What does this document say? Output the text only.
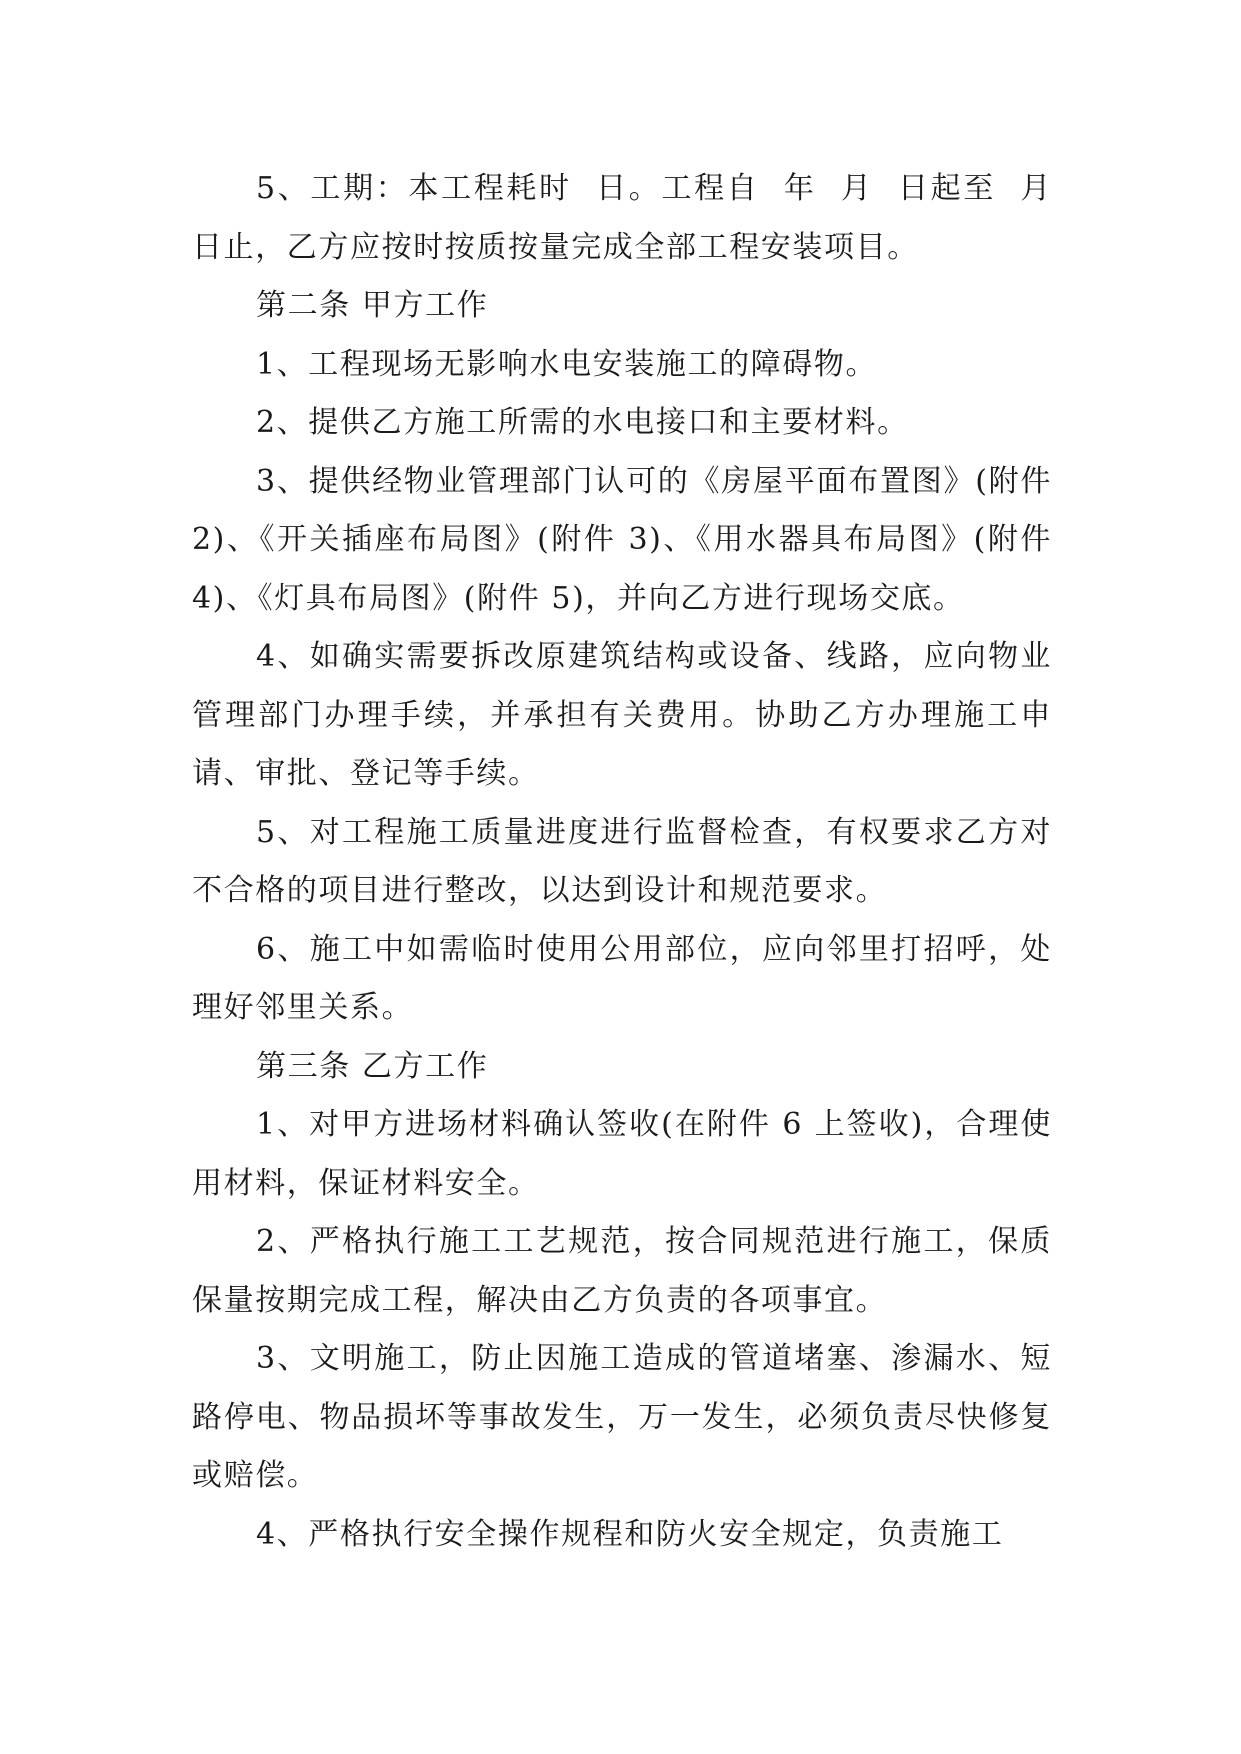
5、工期：本工程耗时  日。工程自  年  月  日起至  月  日止，乙方应按时按质按量完成全部工程安装项目。

第二条 甲方工作

1、工程现场无影响水电安装施工的障碍物。

2、提供乙方施工所需的水电接口和主要材料。

3、提供经物业管理部门认可的《房屋平面布置图》(附件 2)、《开关插座布局图》(附件 3)、《用水器具布局图》(附件 4)、《灯具布局图》(附件 5)，并向乙方进行现场交底。

4、如确实需要拆改原建筑结构或设备、线路，应向物业管理部门办理手续，并承担有关费用。协助乙方办理施工申请、审批、登记等手续。

5、对工程施工质量进度进行监督检查，有权要求乙方对不合格的项目进行整改，以达到设计和规范要求。

6、施工中如需临时使用公用部位，应向邻里打招呼，处理好邻里关系。

第三条 乙方工作

1、对甲方进场材料确认签收(在附件 6 上签收)，合理使用材料，保证材料安全。

2、严格执行施工工艺规范，按合同规范进行施工，保质保量按期完成工程，解决由乙方负责的各项事宜。

3、文明施工，防止因施工造成的管道堵塞、渗漏水、短路停电、物品损坏等事故发生，万一发生，必须负责尽快修复或赔偿。

4、严格执行安全操作规程和防火安全规定，负责施工
